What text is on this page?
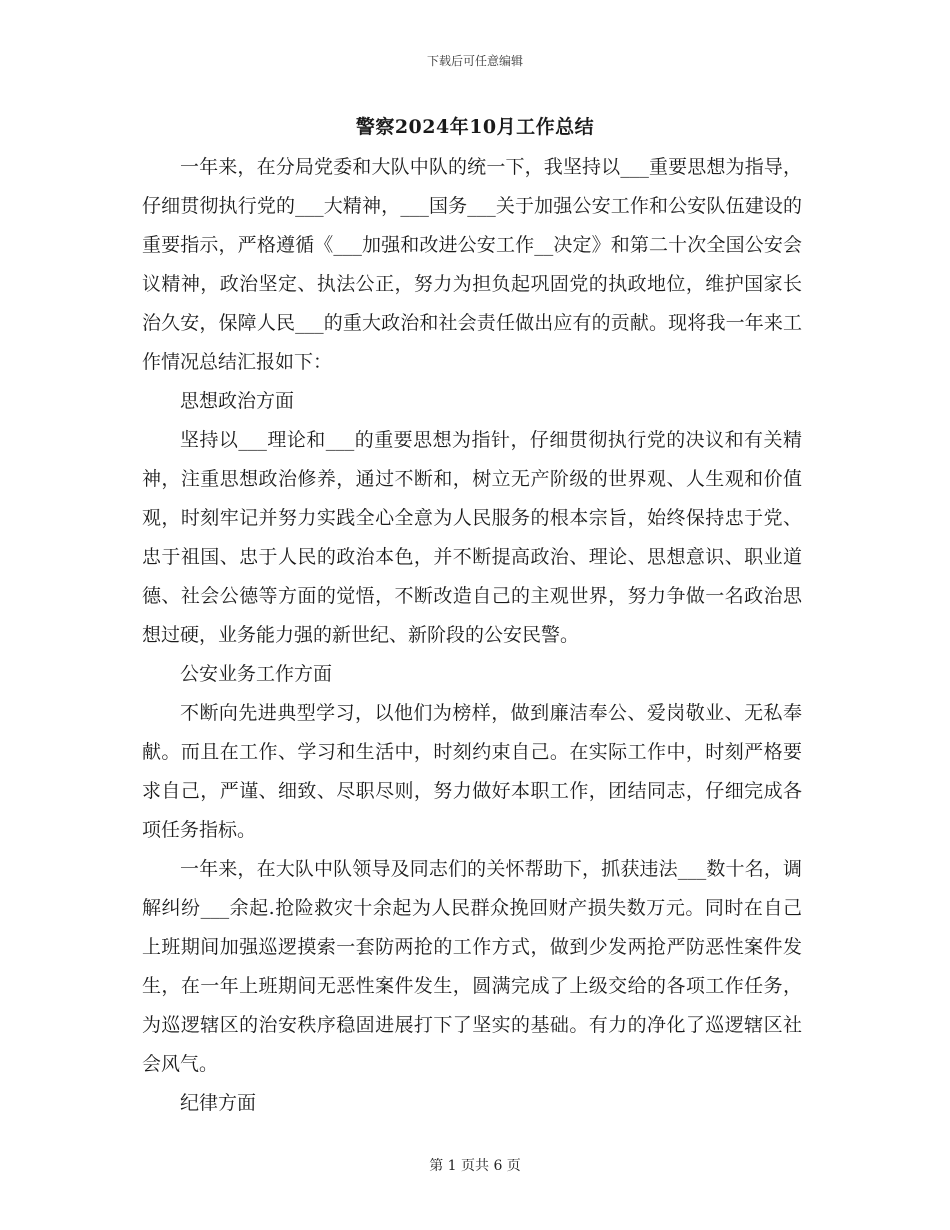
下载后可任意编辑
警察2024年10月工作总结

一年来，在分局党委和大队中队的统一下，我坚持以___重要思想为指导，仔细贯彻执行党的___大精神，___国务___关于加强公安工作和公安队伍建设的重要指示，严格遵循《___加强和改进公安工作__决定》和第二十次全国公安会议精神，政治坚定、执法公正，努力为担负起巩固党的执政地位，维护国家长治久安，保障人民___的重大政治和社会责任做出应有的贡献。现将我一年来工作情况总结汇报如下：

思想政治方面

坚持以___理论和___的重要思想为指针，仔细贯彻执行党的决议和有关精神，注重思想政治修养，通过不断和，树立无产阶级的世界观、人生观和价值观，时刻牢记并努力实践全心全意为人民服务的根本宗旨，始终保持忠于党、忠于祖国、忠于人民的政治本色，并不断提高政治、理论、思想意识、职业道德、社会公德等方面的觉悟，不断改造自己的主观世界，努力争做一名政治思想过硬，业务能力强的新世纪、新阶段的公安民警。

公安业务工作方面

不断向先进典型学习，以他们为榜样，做到廉洁奉公、爱岗敬业、无私奉献。而且在工作、学习和生活中，时刻约束自己。在实际工作中，时刻严格要求自己，严谨、细致、尽职尽则，努力做好本职工作，团结同志，仔细完成各项任务指标。

一年来，在大队中队领导及同志们的关怀帮助下，抓获违法___数十名，调解纠纷___余起.抢险救灾十余起为人民群众挽回财产损失数万元。同时在自己上班期间加强巡逻摸索一套防两抢的工作方式，做到少发两抢严防恶性案件发生，在一年上班期间无恶性案件发生，圆满完成了上级交给的各项工作任务，为巡逻辖区的治安秩序稳固进展打下了坚实的基础。有力的净化了巡逻辖区社会风气。

纪律方面

第 1 页共 6 页
